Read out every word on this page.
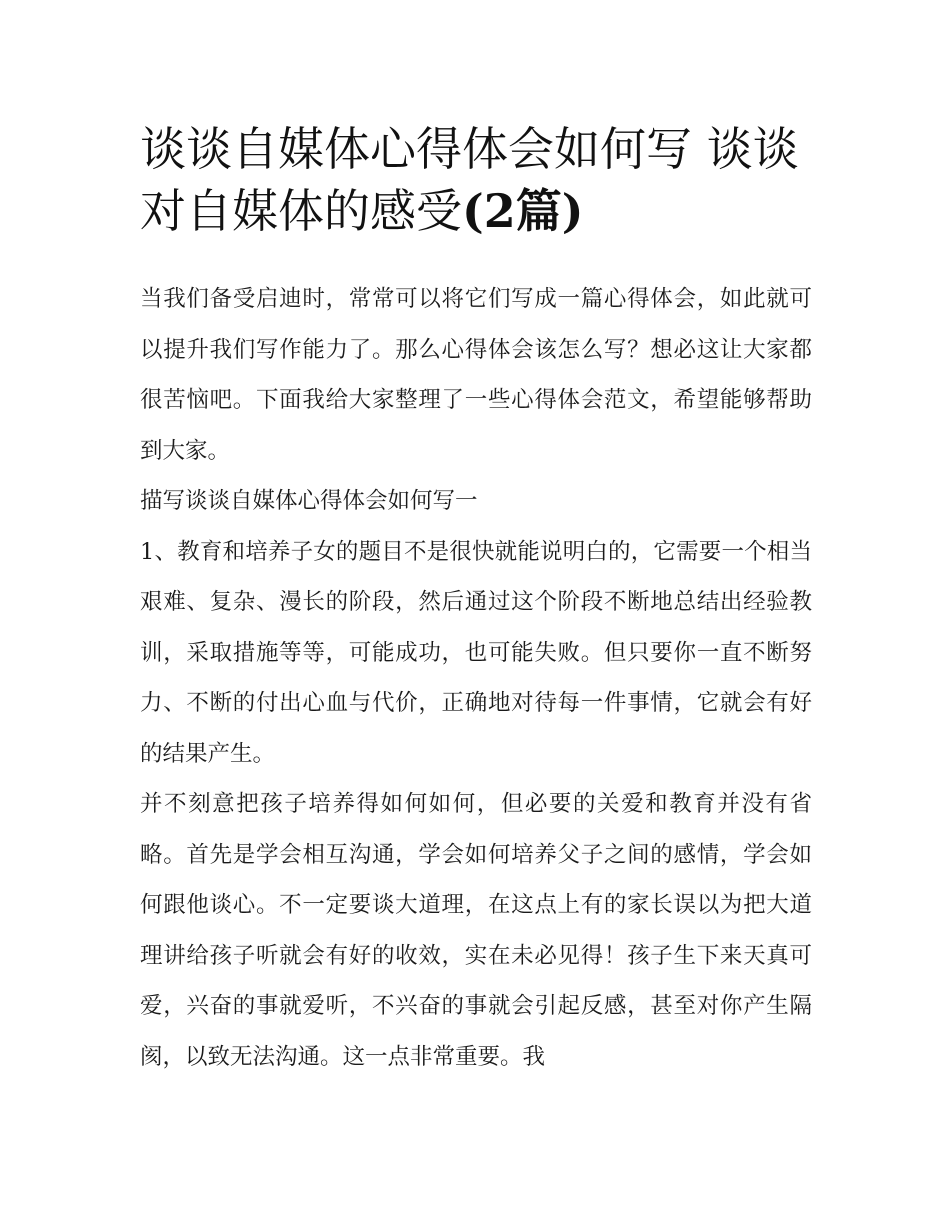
谈谈自媒体心得体会如何写 谈谈对自媒体的感受(2篇)

当我们备受启迪时，常常可以将它们写成一篇心得体会，如此就可以提升我们写作能力了。那么心得体会该怎么写？想必这让大家都很苦恼吧。下面我给大家整理了一些心得体会范文，希望能够帮助到大家。

描写谈谈自媒体心得体会如何写一

1、教育和培养子女的题目不是很快就能说明白的，它需要一个相当艰难、复杂、漫长的阶段，然后通过这个阶段不断地总结出经验教训，采取措施等等，可能成功，也可能失败。但只要你一直不断努力、不断的付出心血与代价，正确地对待每一件事情，它就会有好的结果产生。

并不刻意把孩子培养得如何如何，但必要的关爱和教育并没有省略。首先是学会相互沟通，学会如何培养父子之间的感情，学会如何跟他谈心。不一定要谈大道理，在这点上有的家长误以为把大道理讲给孩子听就会有好的收效，实在未必见得！孩子生下来天真可爱，兴奋的事就爱听，不兴奋的事就会引起反感，甚至对你产生隔阂，以致无法沟通。这一点非常重要。我
